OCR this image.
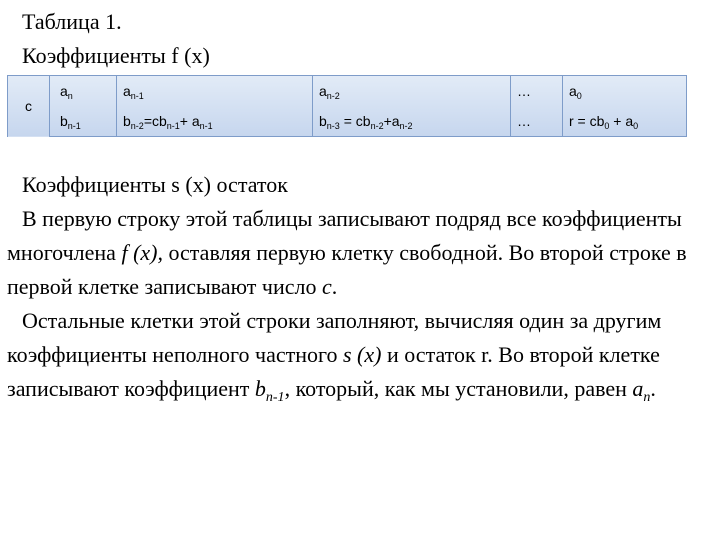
Таблица 1.
Коэффициенты f (x)
c	$a_n$	$a_{n-1}$	$a_{n-2}$	…	$a_0$
	$b_{n-1}$	$b_{n-2}=cb_{n-1}+ a_{n-1}$	$b_{n-3} = cb_{n-2}+a_{n-2}$	…	$r = cb_0 + a_0$

Коэффициенты s (x) остаток

В первую строку этой таблицы записывают подряд все коэффициенты многочлена f (x), оставляя первую клетку свободной. Во второй строке в первой клетке записывают число c.

Остальные клетки этой строки заполняют, вычисляя один за другим коэффициенты неполного частного s (x) и остаток r. Во второй клетке записывают коэффициент $b_{n-1}$, который, как мы установили, равен $a_n$.
